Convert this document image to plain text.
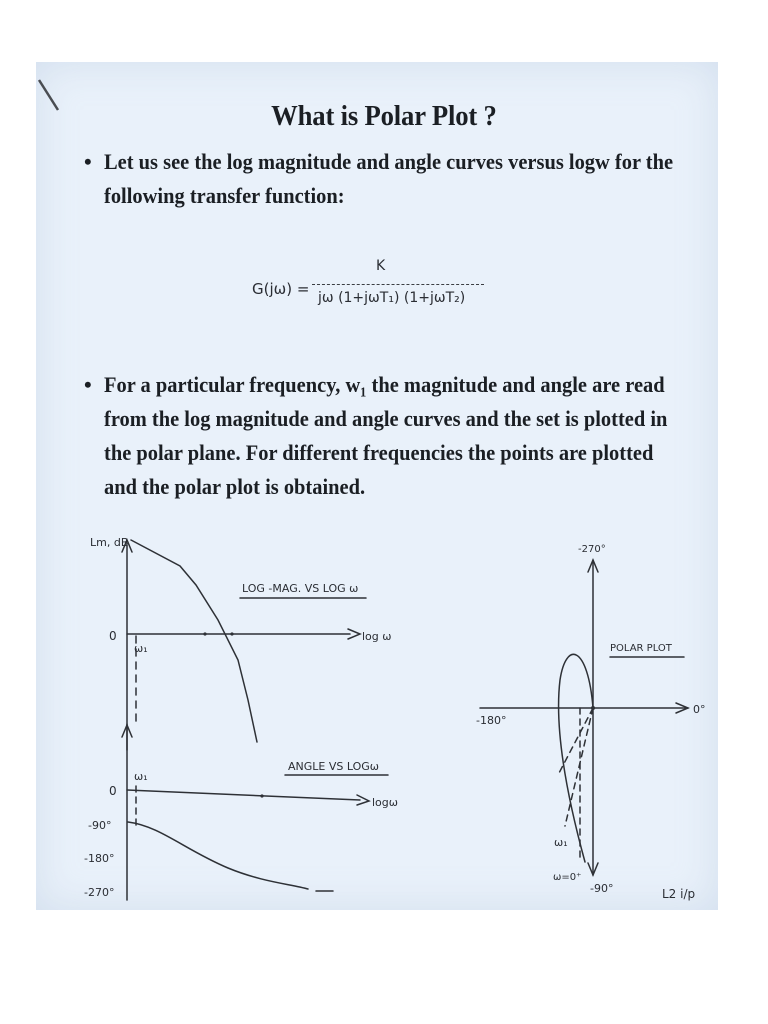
What is Polar Plot ?
• Let us see the log magnitude and angle curves versus logw for the
following transfer function:
G(jω) =
K
jω (1+jωT₁) (1+jωT₂)
• For a particular frequency, w₁ the magnitude and angle are read
from the log magnitude and angle curves and the set is plotted in
the polar plane. For different frequencies the points are plotted
and the polar plot is obtained.
Lm, dB
0
ω₁
log ω
LOG -MAG. VS LOG ω
0
ω₁
logω
ANGLE VS LOGω
-90°
-180°
-270°
-270°
-180°
0°
-90°
POLAR PLOT
ω₁
ω=0⁺
L2 i/p
